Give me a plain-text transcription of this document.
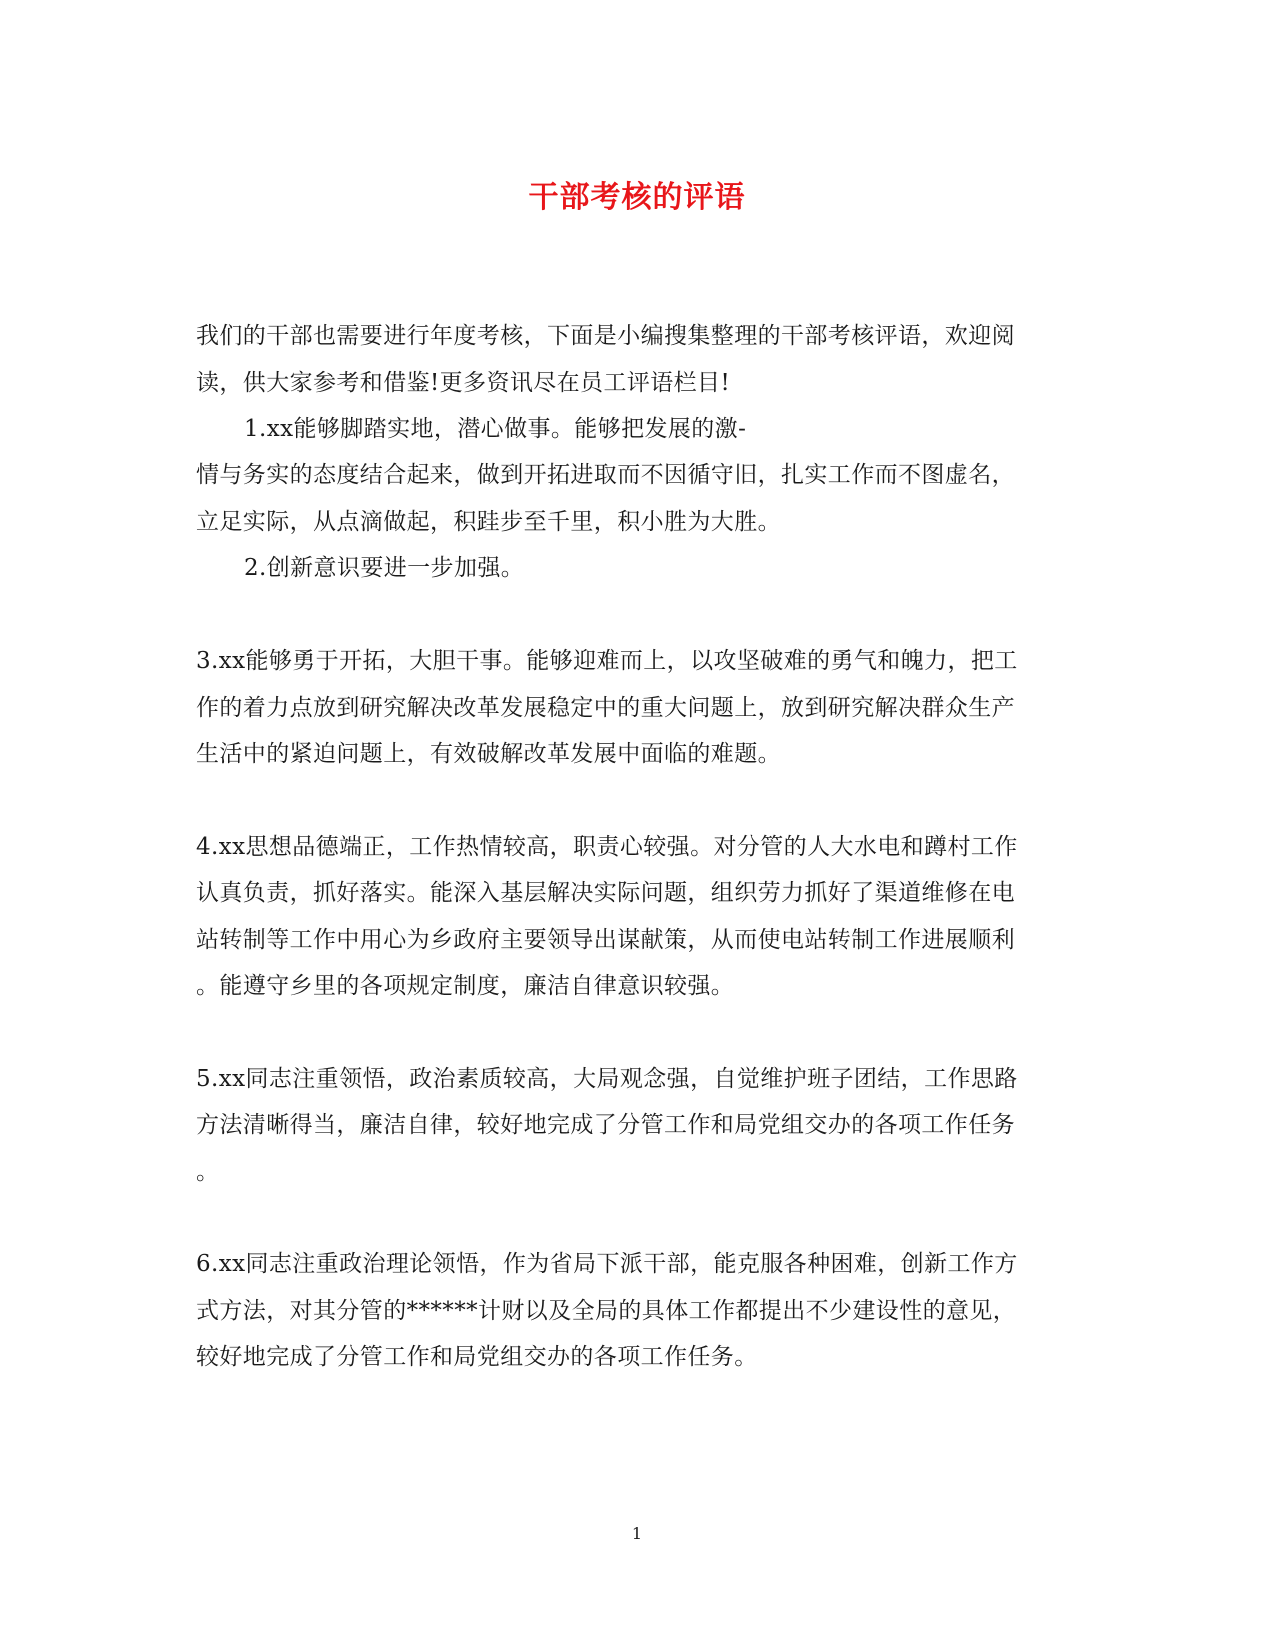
干部考核的评语
我们的干部也需要进行年度考核，下面是小编搜集整理的干部考核评语，欢迎阅
读，供大家参考和借鉴!更多资讯尽在员工评语栏目!
1.xx能够脚踏实地，潜心做事。能够把发展的激-
情与务实的态度结合起来，做到开拓进取而不因循守旧，扎实工作而不图虚名，
立足实际，从点滴做起，积跬步至千里，积小胜为大胜。
2.创新意识要进一步加强。
3.xx能够勇于开拓，大胆干事。能够迎难而上，以攻坚破难的勇气和魄力，把工
作的着力点放到研究解决改革发展稳定中的重大问题上，放到研究解决群众生产
生活中的紧迫问题上，有效破解改革发展中面临的难题。
4.xx思想品德端正，工作热情较高，职责心较强。对分管的人大水电和蹲村工作
认真负责，抓好落实。能深入基层解决实际问题，组织劳力抓好了渠道维修在电
站转制等工作中用心为乡政府主要领导出谋献策，从而使电站转制工作进展顺利
。能遵守乡里的各项规定制度，廉洁自律意识较强。
5.xx同志注重领悟，政治素质较高，大局观念强，自觉维护班子团结，工作思路
方法清晰得当，廉洁自律，较好地完成了分管工作和局党组交办的各项工作任务
。
6.xx同志注重政治理论领悟，作为省局下派干部，能克服各种困难，创新工作方
式方法，对其分管的******计财以及全局的具体工作都提出不少建设性的意见，
较好地完成了分管工作和局党组交办的各项工作任务。
1
